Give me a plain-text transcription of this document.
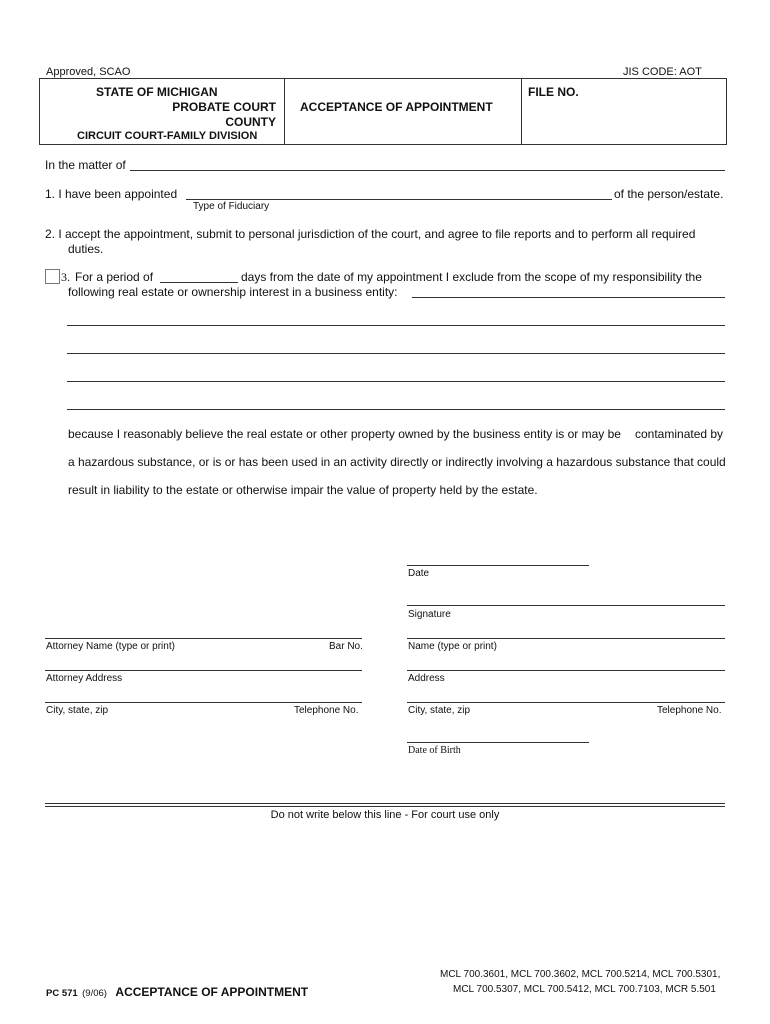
Approved, SCAO	JIS CODE: AOT
STATE OF MICHIGAN
PROBATE COURT
COUNTY
CIRCUIT COURT-FAMILY DIVISION
ACCEPTANCE OF APPOINTMENT
FILE NO.
In the matter of
1. I have been appointed	of the person/estate.
Type of Fiduciary
2. I accept the appointment, submit to personal jurisdiction of the court, and agree to file reports and to perform all required
duties.
3. For a period of	days from the date of my appointment I exclude from the scope of my responsibility the
following real estate or ownership interest in a business entity:
because I reasonably believe the real estate or other property owned by the business entity is or may be contaminated by
a hazardous substance, or is or has been used in an activity directly or indirectly involving a hazardous substance that could
result in liability to the estate or otherwise impair the value of property held by the estate.
Date
Signature
Name (type or print)
Address
City, state, zip	Telephone No.
Date of Birth
Attorney Name (type or print)	Bar No.
Attorney Address
City, state, zip	Telephone No.
Do not write below this line - For court use only
PC 571 (9/06) ACCEPTANCE OF APPOINTMENT
MCL 700.3601, MCL 700.3602, MCL 700.5214, MCL 700.5301,
MCL 700.5307, MCL 700.5412, MCL 700.7103, MCR 5.501
